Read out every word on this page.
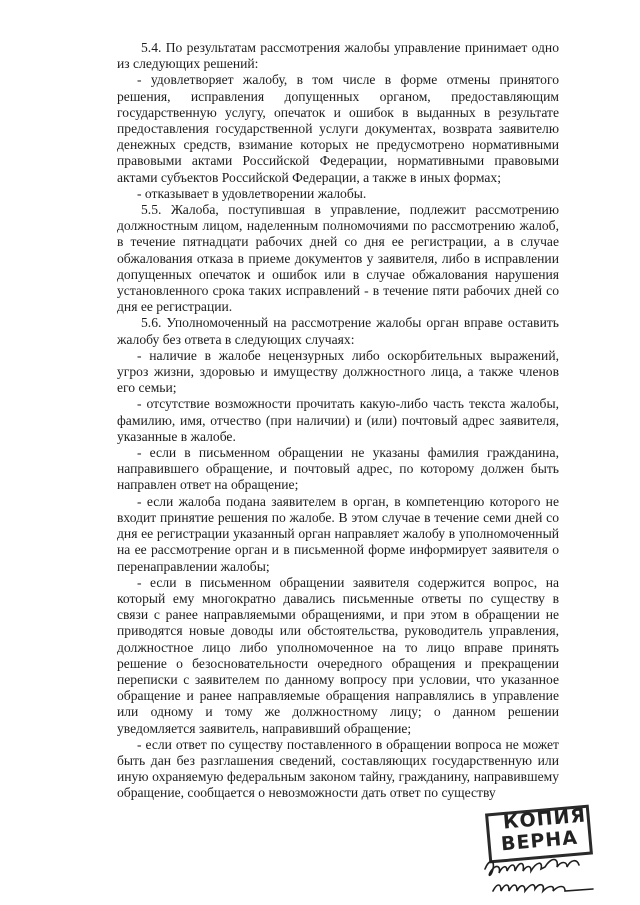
5.4. По результатам рассмотрения жалобы управление принимает одно из следующих решений:

- удовлетворяет жалобу, в том числе в форме отмены принятого решения, исправления допущенных органом, предоставляющим государственную услугу, опечаток и ошибок в выданных в результате предоставления государственной услуги документах, возврата заявителю денежных средств, взимание которых не предусмотрено нормативными правовыми актами Российской Федерации, нормативными правовыми актами субъектов Российской Федерации, а также в иных формах;

- отказывает в удовлетворении жалобы.

5.5. Жалоба, поступившая в управление, подлежит рассмотрению должностным лицом, наделенным полномочиями по рассмотрению жалоб, в течение пятнадцати рабочих дней со дня ее регистрации, а в случае обжалования отказа в приеме документов у заявителя, либо в исправлении допущенных опечаток и ошибок или в случае обжалования нарушения установленного срока таких исправлений - в течение пяти рабочих дней со дня ее регистрации.

5.6. Уполномоченный на рассмотрение жалобы орган вправе оставить жалобу без ответа в следующих случаях:

- наличие в жалобе нецензурных либо оскорбительных выражений, угроз жизни, здоровью и имуществу должностного лица, а также членов его семьи;

- отсутствие возможности прочитать какую-либо часть текста жалобы, фамилию, имя, отчество (при наличии) и (или) почтовый адрес заявителя, указанные в жалобе.

- если в письменном обращении не указаны фамилия гражданина, направившего обращение, и почтовый адрес, по которому должен быть направлен ответ на обращение;

- если жалоба подана заявителем в орган, в компетенцию которого не входит принятие решения по жалобе. В этом случае в течение семи дней со дня ее регистрации указанный орган направляет жалобу в уполномоченный на ее рассмотрение орган и в письменной форме информирует заявителя о перенаправлении жалобы;

- если в письменном обращении заявителя содержится вопрос, на который ему многократно давались письменные ответы по существу в связи с ранее направляемыми обращениями, и при этом в обращении не приводятся новые доводы или обстоятельства, руководитель управления, должностное лицо либо уполномоченное на то лицо вправе принять решение о безосновательности очередного обращения и прекращении переписки с заявителем по данному вопросу при условии, что указанное обращение и ранее направляемые обращения направлялись в управление или одному и тому же должностному лицу; о данном решении уведомляется заявитель, направивший обращение;

- если ответ по существу поставленного в обращении вопроса не может быть дан без разглашения сведений, составляющих государственную или иную охраняемую федеральным законом тайну, гражданину, направившему обращение, сообщается о невозможности дать ответ по существу

КОПИЯ
ВЕРНА
